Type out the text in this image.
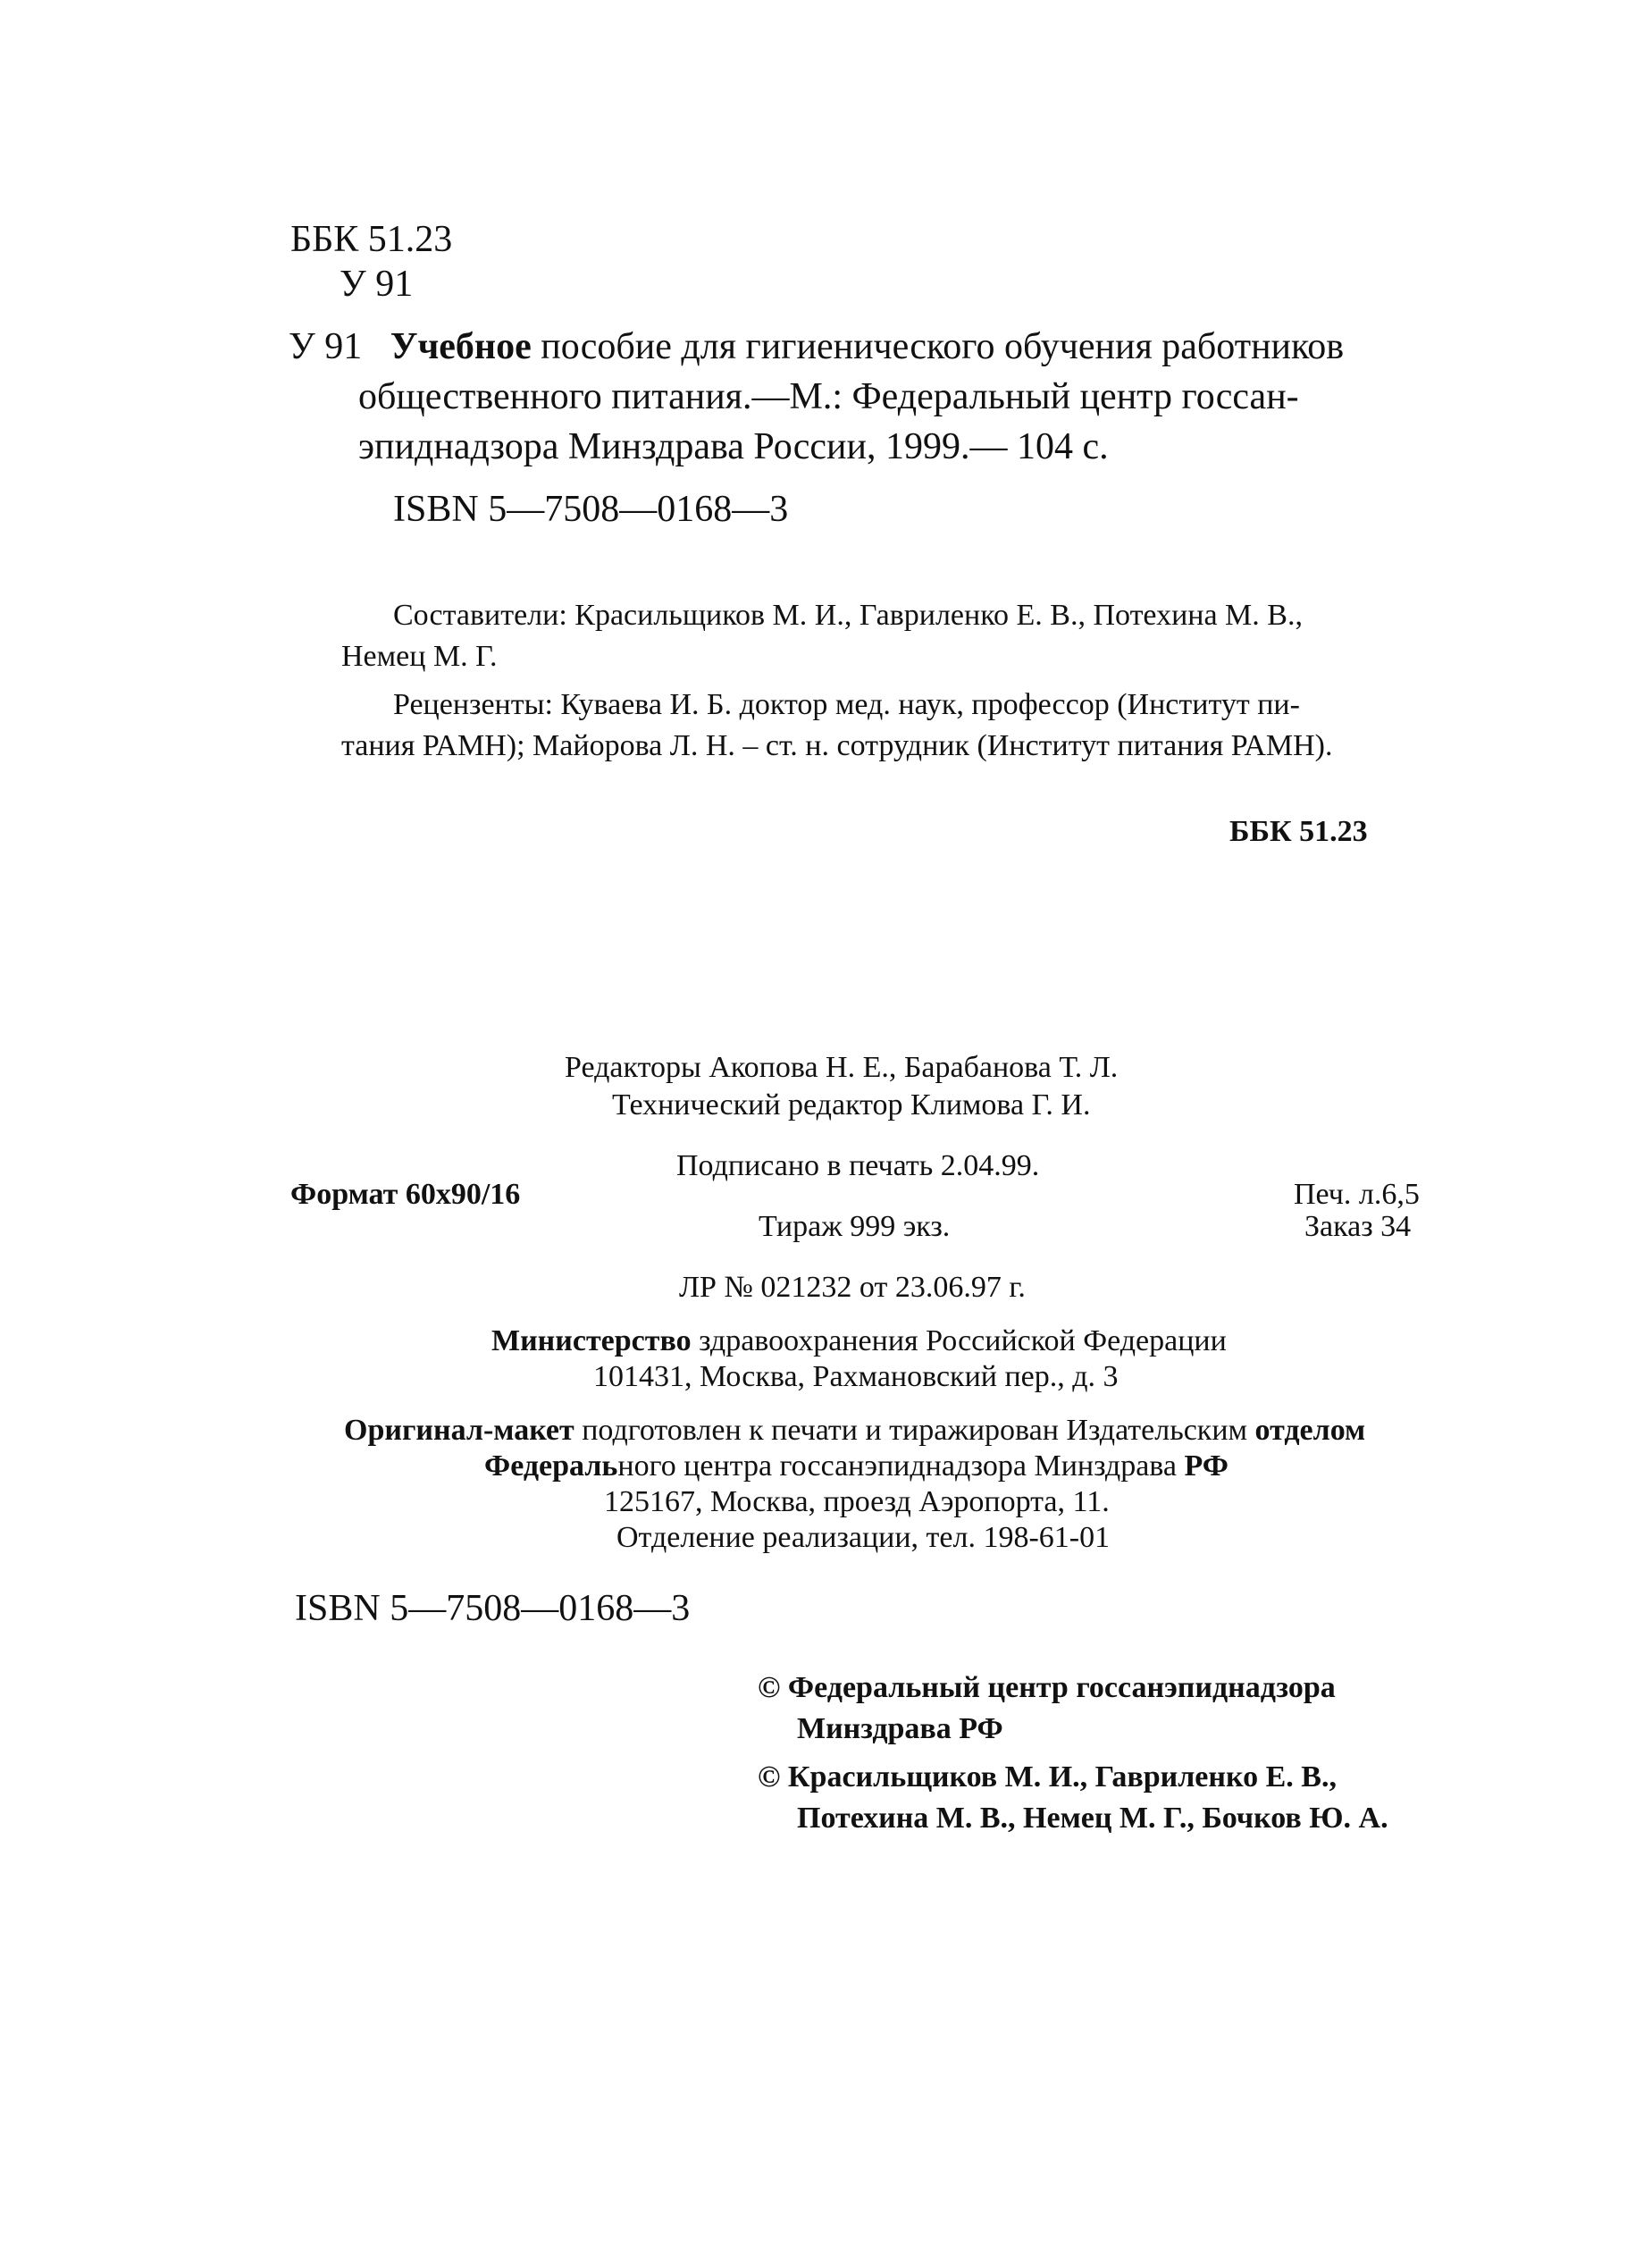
ББК 51.23
У 91
У 91 Учебное пособие для гигиенического обучения работников
общественного питания.—М.: Федеральный центр госсан-
эпиднадзора Минздрава России, 1999.— 104 с.
ISBN 5—7508—0168—3
Составители: Красильщиков М. И., Гавриленко Е. В., Потехина М. В.,
Немец М. Г.
Рецензенты: Куваева И. Б. доктор мед. наук, профессор (Институт пи-
тания РАМН); Майорова Л. Н. – ст. н. сотрудник (Институт питания РАМН).
ББК 51.23
Редакторы Акопова Н. Е., Барабанова Т. Л.
Технический редактор Климова Г. И.
Подписано в печать 2.04.99.
Формат 60х90/16	Печ. л.6,5
Тираж 999 экз.	Заказ 34
ЛР № 021232 от 23.06.97 г.
Министерство здравоохранения Российской Федерации
101431, Москва, Рахмановский пер., д. 3
Оригинал-макет подготовлен к печати и тиражирован Издательским отделом
Федерального центра госсанэпиднадзора Минздрава РФ
125167, Москва, проезд Аэропорта, 11.
Отделение реализации, тел. 198-61-01
ISBN 5—7508—0168—3
© Федеральный центр госсанэпиднадзора
Минздрава РФ
© Красильщиков М. И., Гавриленко Е. В.,
Потехина М. В., Немец М. Г., Бочков Ю. А.
